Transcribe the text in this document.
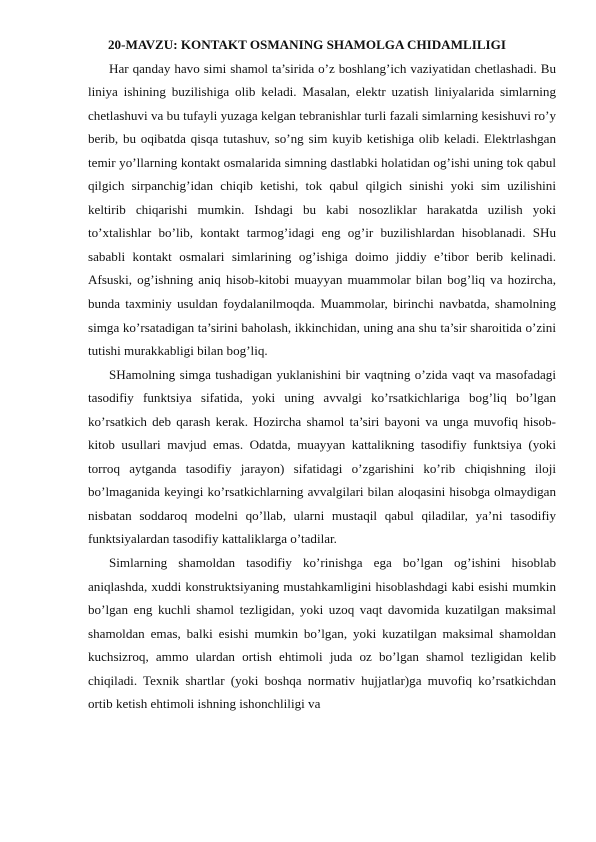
20-MAVZU: KONTAKT OSMANING SHAMOLGA CHIDAMLILIGI

Har qanday havo simi shamol ta’sirida o’z boshlang’ich vaziyatidan chetlashadi. Bu liniya ishining buzilishiga olib keladi. Masalan, elektr uzatish liniyalarida simlarning chetlashuvi va bu tufayli yuzaga kelgan tebranishlar turli fazali simlarning kesishuvi ro’y berib, bu oqibatda qisqa tutashuv, so’ng sim kuyib ketishiga olib keladi. Elektrlashgan temir yo’llarning kontakt osmalarida simning dastlabki holatidan og’ishi uning tok qabul qilgich sirpanchig’idan chiqib ketishi, tok qabul qilgich sinishi yoki sim uzilishini keltirib chiqarishi mumkin. Ishdagi bu kabi nosozliklar harakatda uzilish yoki to’xtalishlar bo’lib, kontakt tarmog’idagi eng og’ir buzilishlardan hisoblanadi. SHu sababli kontakt osmalari simlarining og’ishiga doimo jiddiy e’tibor berib kelinadi. Afsuski, og’ishning aniq hisob-kitobi muayyan muammolar bilan bog’liq va hozircha, bunda taxminiy usuldan foydalanilmoqda. Muammolar, birinchi navbatda, shamolning simga ko’rsatadigan ta’sirini baholash, ikkinchidan, uning ana shu ta’sir sharoitida o’zini tutishi murakkabligi bilan bog’liq.

SHamolning simga tushadigan yuklanishini bir vaqtning o’zida vaqt va masofadagi tasodifiy funktsiya sifatida, yoki uning avvalgi ko’rsatkichlariga bog’liq bo’lgan ko’rsatkich deb qarash kerak. Hozircha shamol ta’siri bayoni va unga muvofiq hisob-kitob usullari mavjud emas. Odatda, muayyan kattalikning tasodifiy funktsiya (yoki torroq aytganda tasodifiy jarayon) sifatidagi o’zgarishini ko’rib chiqishning iloji bo’lmaganida keyingi ko’rsatkichlarning avvalgilari bilan aloqasini hisobga olmaydigan nisbatan soddaroq modelni qo’llab, ularni mustaqil qabul qiladilar, ya’ni tasodifiy funktsiyalardan tasodifiy kattaliklarga o’tadilar.

Simlarning shamoldan tasodifiy ko’rinishga ega bo’lgan og’ishini hisoblab aniqlashda, xuddi konstruktsiyaning mustahkamligini hisoblashdagi kabi esishi mumkin bo’lgan eng kuchli shamol tezligidan, yoki uzoq vaqt davomida kuzatilgan maksimal shamoldan emas, balki esishi mumkin bo’lgan, yoki kuzatilgan maksimal shamoldan kuchsizroq, ammo ulardan ortish ehtimoli juda oz bo’lgan shamol tezligidan kelib chiqiladi. Texnik shartlar (yoki boshqa normativ hujjatlar)ga muvofiq ko’rsatkichdan ortib ketish ehtimoli ishning ishonchliligi va
